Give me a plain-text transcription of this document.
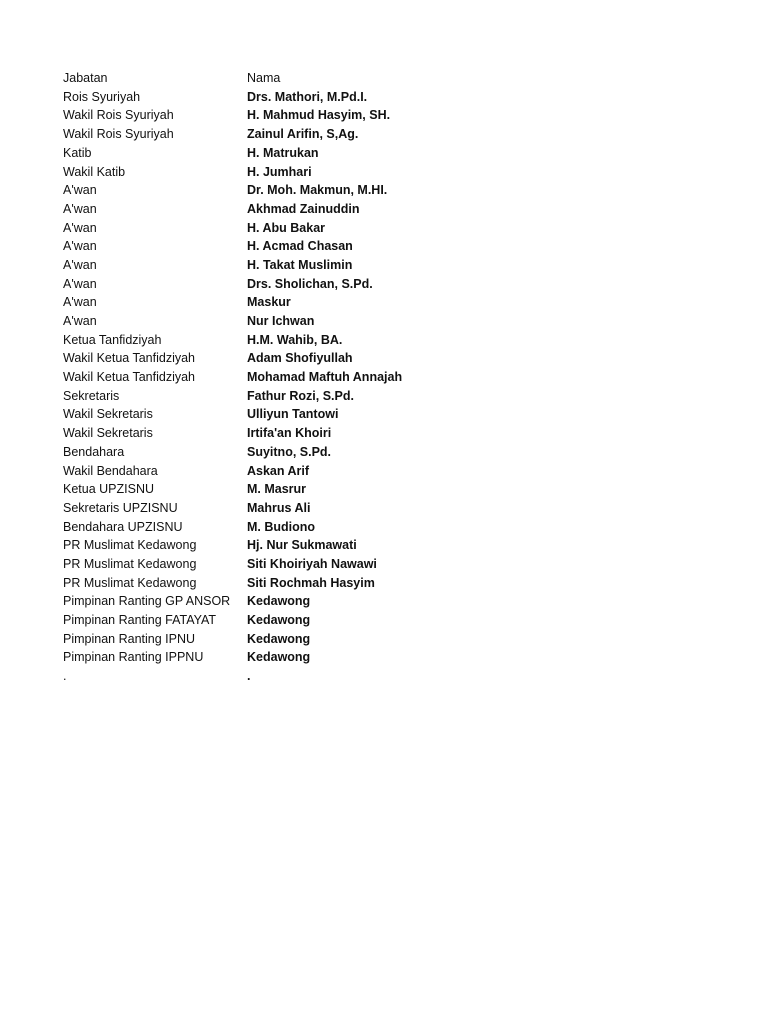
Jabatan	Nama
Rois Syuriyah	Drs. Mathori, M.Pd.I.
Wakil Rois Syuriyah	H. Mahmud Hasyim, SH.
Wakil Rois Syuriyah	Zainul Arifin, S,Ag.
Katib	H. Matrukan
Wakil Katib	H. Jumhari
A'wan	Dr. Moh. Makmun, M.HI.
A'wan	Akhmad Zainuddin
A'wan	H. Abu Bakar
A'wan	H. Acmad Chasan
A'wan	H. Takat Muslimin
A'wan	Drs. Sholichan, S.Pd.
A'wan	Maskur
A'wan	Nur Ichwan
Ketua Tanfidziyah	H.M. Wahib, BA.
Wakil Ketua Tanfidziyah	Adam Shofiyullah
Wakil Ketua Tanfidziyah	Mohamad Maftuh Annajah
Sekretaris	Fathur Rozi, S.Pd.
Wakil Sekretaris	Ulliyun Tantowi
Wakil Sekretaris	Irtifa'an Khoiri
Bendahara	Suyitno, S.Pd.
Wakil Bendahara	Askan Arif
Ketua UPZISNU	M. Masrur
Sekretaris UPZISNU	Mahrus Ali
Bendahara UPZISNU	M. Budiono
PR Muslimat Kedawong	Hj. Nur Sukmawati
PR Muslimat Kedawong	Siti Khoiriyah Nawawi
PR Muslimat Kedawong	Siti Rochmah Hasyim
Pimpinan Ranting GP ANSOR	Kedawong
Pimpinan Ranting FATAYAT	Kedawong
Pimpinan Ranting IPNU	Kedawong
Pimpinan Ranting IPPNU	Kedawong
.	.
